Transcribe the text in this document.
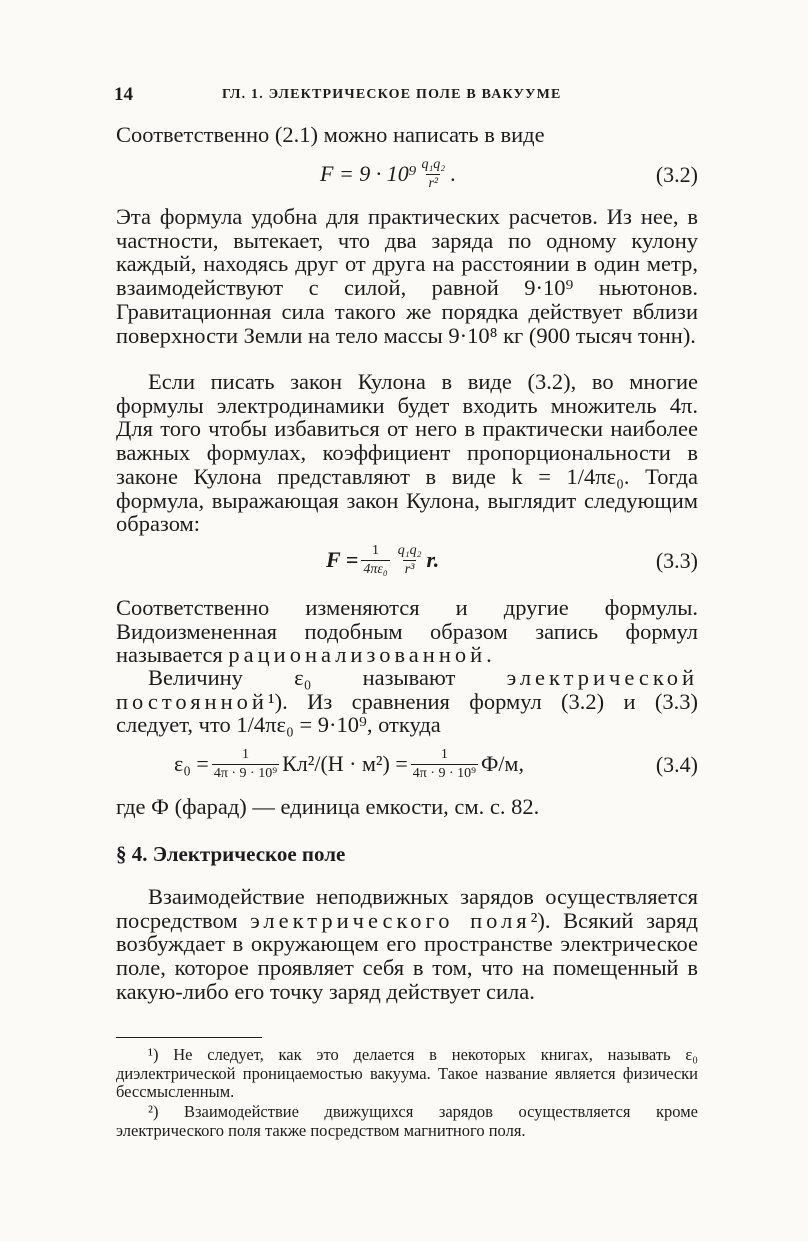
14	ГЛ. 1. ЭЛЕКТРИЧЕСКОЕ ПОЛЕ В ВАКУУМЕ

Соответственно (2.1) можно написать в виде

$F = 9 \cdot 10^9 \frac{\text{q₁q₂}}{\text{r²}}$ .	(3.2)

Эта формула удобна для практических расчетов. Из нее, в частности, вытекает, что два заряда по одному кулону каждый, находясь друг от друга на расстоянии в один метр, взаимодействуют с силой, равной 9·10⁹ ньютонов. Гравитационная сила такого же порядка действует вблизи поверхности Земли на тело массы 9·10⁸ кг (900 тысяч тонн).

Если писать закон Кулона в виде (3.2), во многие формулы электродинамики будет входить множитель 4π. Для того чтобы избавиться от него в практически наиболее важных формулах, коэффициент пропорциональности в законе Кулона представляют в виде k = 1/4πε₀. Тогда формула, выражающая закон Кулона, выглядит следующим образом:

$F = \frac{1}{\text{4πε₀}} \frac{\text{q₁q₂}}{\text{r³}} r$.	(3.3)

Соответственно изменяются и другие формулы. Видоизмененная подобным образом запись формул называется рационализованной.

Величину ε₀ называют электрической постоянной¹). Из сравнения формул (3.2) и (3.3) следует, что 1/4πε₀ = 9·10⁹, откуда

$\varepsilon_0 = \frac{1}{\text{4π · 9 · 10⁹}} Кл^2/(Н \cdot м^2) = \frac{1}{\text{4π · 9 · 10⁹}} Ф/м$,	(3.4)

где Ф (фарад) — единица емкости, см. с. 82.

§ 4. Электрическое поле

Взаимодействие неподвижных зарядов осуществляется посредством электрического поля²). Всякий заряд возбуждает в окружающем его пространстве электрическое поле, которое проявляет себя в том, что на помещенный в какую-либо его точку заряд действует сила.

¹) Не следует, как это делается в некоторых книгах, называть ε₀ диэлектрической проницаемостью вакуума. Такое название является физически бессмысленным.

²) Взаимодействие движущихся зарядов осуществляется кроме электрического поля также посредством магнитного поля.
